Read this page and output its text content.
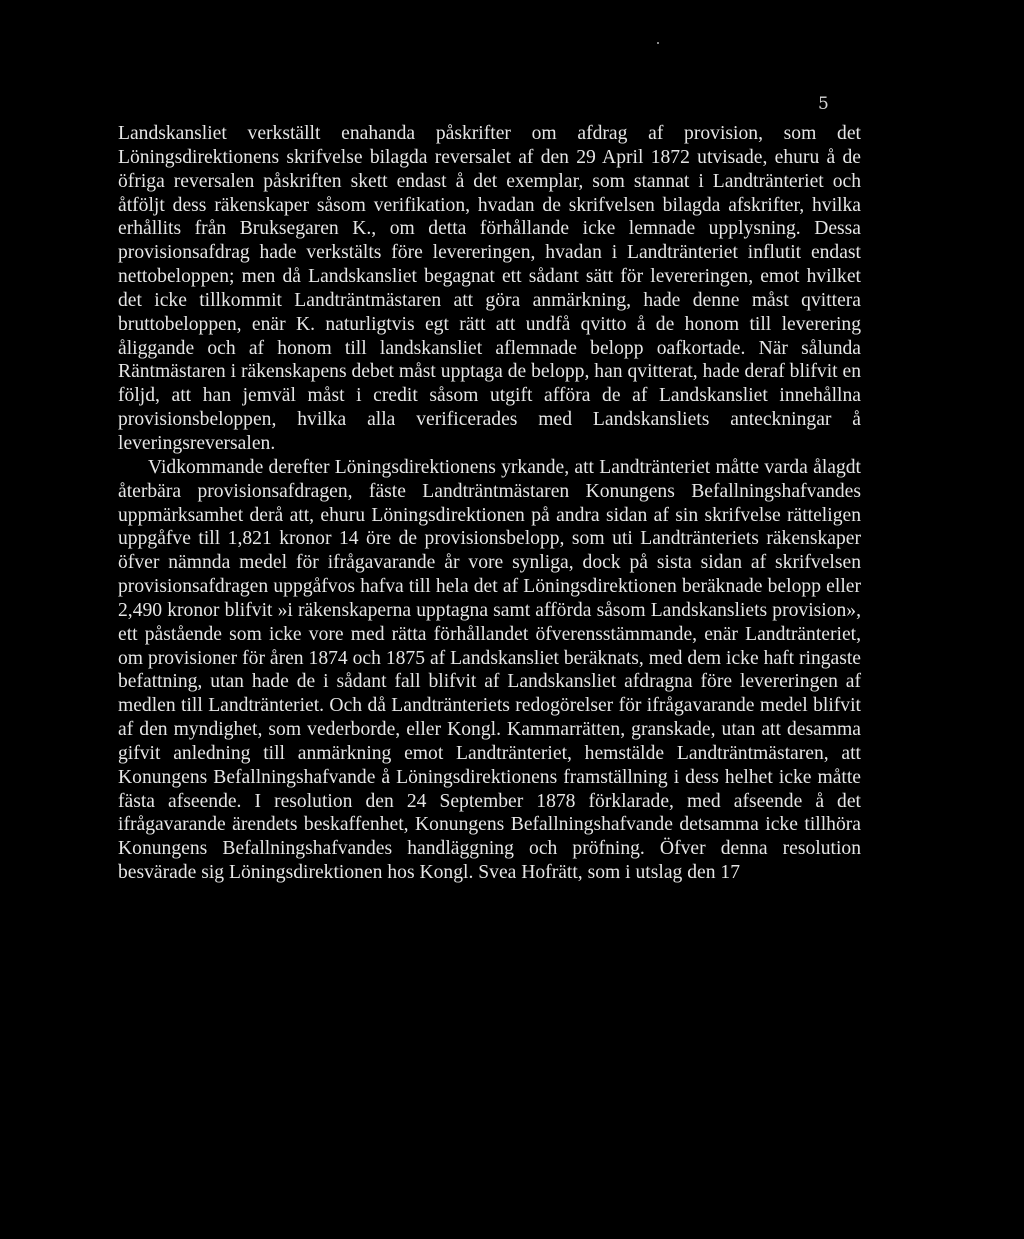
5

Landskansliet verkställt enahanda påskrifter om afdrag af provision, som det Löningsdirektionens skrifvelse bilagda reversalet af den 29 April 1872 utvisade, ehuru å de öfriga reversalen påskriften skett endast å det exemplar, som stannat i Landtränteriet och åtföljt dess räkenskaper såsom verifikation, hvadan de skrifvelsen bilagda afskrifter, hvilka erhållits från Bruksegaren K., om detta förhållande icke lemnade upplysning. Dessa provisionsafdrag hade verkstälts före levereringen, hvadan i Landtränteriet influtit endast nettobeloppen; men då Landskansliet begagnat ett sådant sätt för levereringen, emot hvilket det icke tillkommit Landträntmästaren att göra anmärkning, hade denne måst qvittera bruttobeloppen, enär K. naturligtvis egt rätt att undfå qvitto å de honom till leverering åliggande och af honom till landskansliet aflemnade belopp oafkortade. När sålunda Räntmästaren i räkenskapens debet måst upptaga de belopp, han qvitterat, hade deraf blifvit en följd, att han jemväl måst i credit såsom utgift afföra de af Landskansliet innehållna provisionsbeloppen, hvilka alla verificerades med Landskansliets anteckningar å leveringsreversalen.

Vidkommande derefter Löningsdirektionens yrkande, att Landtränteriet måtte varda ålagdt återbära provisionsafdragen, fäste Landträntmästaren Konungens Befallningshafvandes uppmärksamhet derå att, ehuru Löningsdirektionen på andra sidan af sin skrifvelse rätteligen uppgåfve till 1,821 kronor 14 öre de provisionsbelopp, som uti Landtränteriets räkenskaper öfver nämnda medel för ifrågavarande år vore synliga, dock på sista sidan af skrifvelsen provisionsafdragen uppgåfvos hafva till hela det af Löningsdirektionen beräknade belopp eller 2,490 kronor blifvit »i räkenskaperna upptagna samt afförda såsom Landskansliets provision», ett påstående som icke vore med rätta förhållandet öfverensstämmande, enär Landtränteriet, om provisioner för åren 1874 och 1875 af Landskansliet beräknats, med dem icke haft ringaste befattning, utan hade de i sådant fall blifvit af Landskansliet afdragna före levereringen af medlen till Landtränteriet. Och då Landtränteriets redogörelser för ifrågavarande medel blifvit af den myndighet, som vederborde, eller Kongl. Kammarrätten, granskade, utan att desamma gifvit anledning till anmärkning emot Landtränteriet, hemstälde Landträntmästaren, att Konungens Befallningshafvande å Löningsdirektionens framställning i dess helhet icke måtte fästa afseende. I resolution den 24 September 1878 förklarade, med afseende å det ifrågavarande ärendets beskaffenhet, Konungens Befallningshafvande detsamma icke tillhöra Konungens Befallningshafvandes handläggning och pröfning. Öfver denna resolution besvärade sig Löningsdirektionen hos Kongl. Svea Hofrätt, som i utslag den 17
